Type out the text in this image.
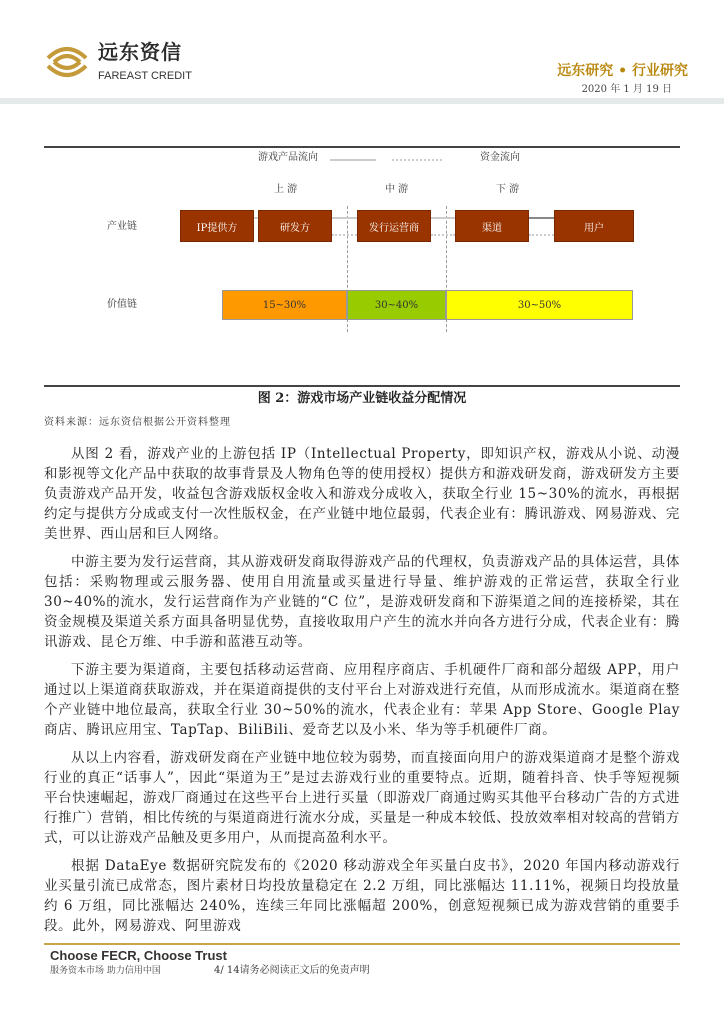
远东资信
FAREAST CREDIT	远东研究 • 行业研究
2020 年 1 月 19 日
游戏产品流向	资金流向
上 游	中 游	下 游
产业链	IP提供方	研发方	发行运营商	渠道	用户
价值链	15~30%	30~40%	30~50%
图 2：游戏市场产业链收益分配情况
资料来源：远东资信根据公开资料整理

从图 2 看，游戏产业的上游包括 IP（Intellectual Property，即知识产权，游戏从小说、动漫和影视等文化产品中获取的故事背景及人物角色等的使用授权）提供方和游戏研发商，游戏研发方主要负责游戏产品开发，收益包含游戏版权金收入和游戏分成收入，获取全行业 15~30%的流水，再根据约定与提供方分成或支付一次性版权金，在产业链中地位最弱，代表企业有：腾讯游戏、网易游戏、完美世界、西山居和巨人网络。

中游主要为发行运营商，其从游戏研发商取得游戏产品的代理权，负责游戏产品的具体运营，具体包括：采购物理或云服务器、使用自用流量或买量进行导量、维护游戏的正常运营，获取全行业 30~40%的流水，发行运营商作为产业链的“C 位”，是游戏研发商和下游渠道之间的连接桥梁，其在资金规模及渠道关系方面具备明显优势，直接收取用户产生的流水并向各方进行分成，代表企业有：腾讯游戏、昆仑万维、中手游和蓝港互动等。

下游主要为渠道商，主要包括移动运营商、应用程序商店、手机硬件厂商和部分超级 APP，用户通过以上渠道商获取游戏，并在渠道商提供的支付平台上对游戏进行充值，从而形成流水。渠道商在整个产业链中地位最高，获取全行业 30~50%的流水，代表企业有：苹果 App Store、Google Play 商店、腾讯应用宝、TapTap、BiliBili、爱奇艺以及小米、华为等手机硬件厂商。

从以上内容看，游戏研发商在产业链中地位较为弱势，而直接面向用户的游戏渠道商才是整个游戏行业的真正“话事人”，因此“渠道为王”是过去游戏行业的重要特点。近期，随着抖音、快手等短视频平台快速崛起，游戏厂商通过在这些平台上进行买量（即游戏厂商通过购买其他平台移动广告的方式进行推广）营销，相比传统的与渠道商进行流水分成，买量是一种成本较低、投放效率相对较高的营销方式，可以让游戏产品触及更多用户，从而提高盈利水平。

根据 DataEye 数据研究院发布的《2020 移动游戏全年买量白皮书》，2020 年国内移动游戏行业买量引流已成常态，图片素材日均投放量稳定在 2.2 万组，同比涨幅达 11.11%，视频日均投放量约 6 万组，同比涨幅达 240%，连续三年同比涨幅超 200%，创意短视频已成为游戏营销的重要手段。此外，网易游戏、阿里游戏

Choose FECR, Choose Trust
服务资本市场 助力信用中国	4/ 14请务必阅读正文后的免责声明
